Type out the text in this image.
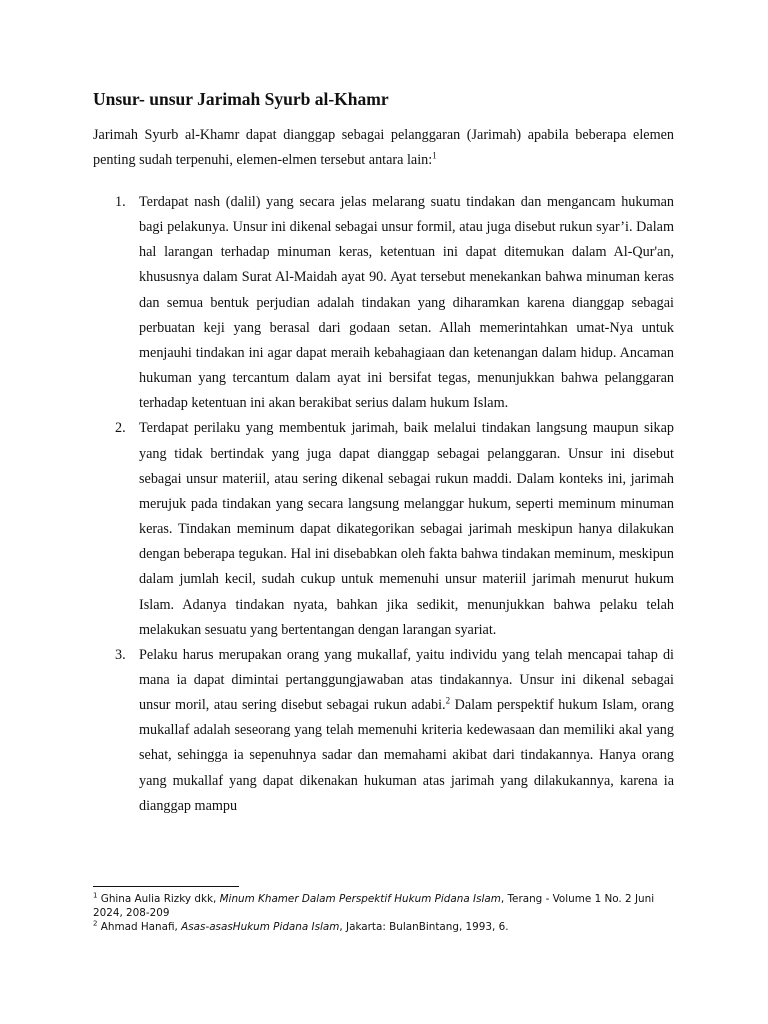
Unsur- unsur Jarimah Syurb al-Khamr

Jarimah Syurb al-Khamr dapat dianggap sebagai pelanggaran (Jarimah) apabila beberapa elemen penting sudah terpenuhi, elemen-elmen tersebut antara lain:$^1$

1. Terdapat nash (dalil) yang secara jelas melarang suatu tindakan dan mengancam hukuman bagi pelakunya. Unsur ini dikenal sebagai unsur formil, atau juga disebut rukun syar’i. Dalam hal larangan terhadap minuman keras, ketentuan ini dapat ditemukan dalam Al-Qur'an, khususnya dalam Surat Al-Maidah ayat 90. Ayat tersebut menekankan bahwa minuman keras dan semua bentuk perjudian adalah tindakan yang diharamkan karena dianggap sebagai perbuatan keji yang berasal dari godaan setan. Allah memerintahkan umat-Nya untuk menjauhi tindakan ini agar dapat meraih kebahagiaan dan ketenangan dalam hidup. Ancaman hukuman yang tercantum dalam ayat ini bersifat tegas, menunjukkan bahwa pelanggaran terhadap ketentuan ini akan berakibat serius dalam hukum Islam.
2. Terdapat perilaku yang membentuk jarimah, baik melalui tindakan langsung maupun sikap yang tidak bertindak yang juga dapat dianggap sebagai pelanggaran. Unsur ini disebut sebagai unsur materiil, atau sering dikenal sebagai rukun maddi. Dalam konteks ini, jarimah merujuk pada tindakan yang secara langsung melanggar hukum, seperti meminum minuman keras. Tindakan meminum dapat dikategorikan sebagai jarimah meskipun hanya dilakukan dengan beberapa tegukan. Hal ini disebabkan oleh fakta bahwa tindakan meminum, meskipun dalam jumlah kecil, sudah cukup untuk memenuhi unsur materiil jarimah menurut hukum Islam. Adanya tindakan nyata, bahkan jika sedikit, menunjukkan bahwa pelaku telah melakukan sesuatu yang bertentangan dengan larangan syariat.
3. Pelaku harus merupakan orang yang mukallaf, yaitu individu yang telah mencapai tahap di mana ia dapat dimintai pertanggungjawaban atas tindakannya. Unsur ini dikenal sebagai unsur moril, atau sering disebut sebagai rukun adabi.$^2$ Dalam perspektif hukum Islam, orang mukallaf adalah seseorang yang telah memenuhi kriteria kedewasaan dan memiliki akal yang sehat, sehingga ia sepenuhnya sadar dan memahami akibat dari tindakannya. Hanya orang yang mukallaf yang dapat dikenakan hukuman atas jarimah yang dilakukannya, karena ia dianggap mampu

$^1$ Ghina Aulia Rizky dkk, Minum Khamer Dalam Perspektif Hukum Pidana Islam, Terang - Volume 1 No. 2 Juni 2024, 208-209

$^2$ Ahmad Hanafi, Asas-asasHukum Pidana Islam, Jakarta: BulanBintang, 1993, 6.
